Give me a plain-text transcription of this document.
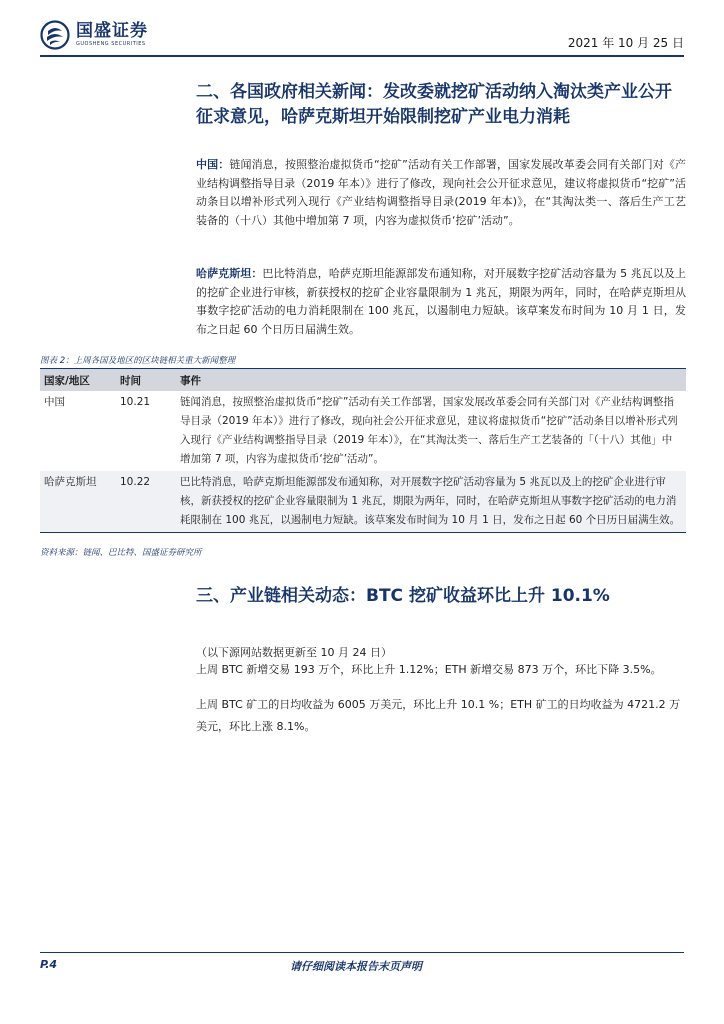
国盛证券
GUOSHENG SECURITIES	2021 年 10 月 25 日
二、各国政府相关新闻：发改委就挖矿活动纳入淘汰类产业公开征求意见，哈萨克斯坦开始限制挖矿产业电力消耗
中国：链闻消息，按照整治虚拟货币“挖矿”活动有关工作部署，国家发展改革委会同有关部门对《产业结构调整指导目录（2019 年本）》进行了修改，现向社会公开征求意见，建议将虚拟货币“挖矿”活动条目以增补形式列入现行《产业结构调整指导目录(2019 年本)》，在“其淘汰类一、落后生产工艺装备的（十八）其他中增加第 7 项，内容为虚拟货币‘挖矿’活动”。
哈萨克斯坦：巴比特消息，哈萨克斯坦能源部发布通知称，对开展数字挖矿活动容量为 5 兆瓦以及上的挖矿企业进行审核，新获授权的挖矿企业容量限制为 1 兆瓦，期限为两年，同时，在哈萨克斯坦从事数字挖矿活动的电力消耗限制在 100 兆瓦，以遏制电力短缺。该草案发布时间为 10 月 1 日，发布之日起 60 个日历日届满生效。
图表 2：上周各国及地区的区块链相关重大新闻整理
国家/地区	时间	事件
中国	10.21	链闻消息，按照整治虚拟货币“挖矿”活动有关工作部署，国家发展改革委会同有关部门对《产业结构调整指导目录（2019 年本）》进行了修改，现向社会公开征求意见，建议将虚拟货币“挖矿”活动条目以增补形式列入现行《产业结构调整指导目录（2019 年本）》，在“其淘汰类一、落后生产工艺装备的「（十八）其他」中增加第 7 项，内容为虚拟货币‘挖矿’活动”。
哈萨克斯坦	10.22	巴比特消息，哈萨克斯坦能源部发布通知称，对开展数字挖矿活动容量为 5 兆瓦以及上的挖矿企业进行审核，新获授权的挖矿企业容量限制为 1 兆瓦，期限为两年，同时，在哈萨克斯坦从事数字挖矿活动的电力消耗限制在 100 兆瓦，以遏制电力短缺。该草案发布时间为 10 月 1 日，发布之日起 60 个日历日届满生效。
资料来源：链闻、巴比特、国盛证券研究所
三、产业链相关动态：BTC 挖矿收益环比上升 10.1%
（以下源网站数据更新至 10 月 24 日）
上周 BTC 新增交易 193 万个，环比上升 1.12%；ETH 新增交易 873 万个，环比下降 3.5%。
上周 BTC 矿工的日均收益为 6005 万美元，环比上升 10.1 %；ETH 矿工的日均收益为 4721.2 万美元，环比上涨 8.1%。
P.4	请仔细阅读本报告末页声明
